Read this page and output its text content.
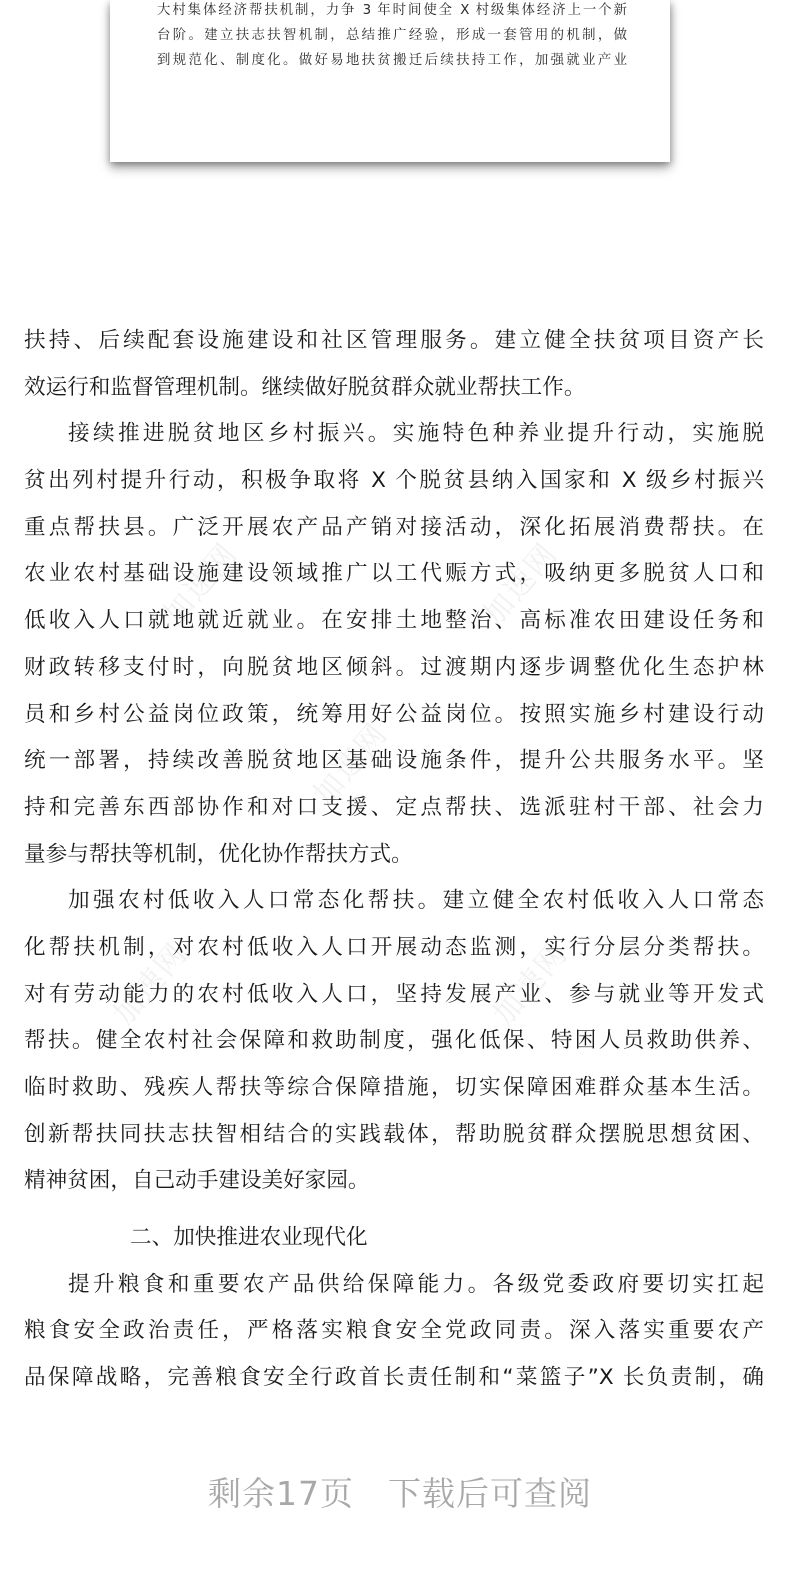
大村集体经济帮扶机制，力争 3 年时间使全 X 村级集体经济上一个新
台阶。建立扶志扶智机制，总结推广经验，形成一套管用的机制，做
到规范化、制度化。做好易地扶贫搬迁后续扶持工作，加强就业产业
加速网	加速网
加速网
加速网	加速网
扶持、后续配套设施建设和社区管理服务。建立健全扶贫项目资产长
效运行和监督管理机制。继续做好脱贫群众就业帮扶工作。
接续推进脱贫地区乡村振兴。实施特色种养业提升行动，实施脱
贫出列村提升行动，积极争取将 X 个脱贫县纳入国家和 X 级乡村振兴
重点帮扶县。广泛开展农产品产销对接活动，深化拓展消费帮扶。在
农业农村基础设施建设领域推广以工代赈方式，吸纳更多脱贫人口和
低收入人口就地就近就业。在安排土地整治、高标准农田建设任务和
财政转移支付时，向脱贫地区倾斜。过渡期内逐步调整优化生态护林
员和乡村公益岗位政策，统筹用好公益岗位。按照实施乡村建设行动
统一部署，持续改善脱贫地区基础设施条件，提升公共服务水平。坚
持和完善东西部协作和对口支援、定点帮扶、选派驻村干部、社会力
量参与帮扶等机制，优化协作帮扶方式。
加强农村低收入人口常态化帮扶。建立健全农村低收入人口常态
化帮扶机制，对农村低收入人口开展动态监测，实行分层分类帮扶。
对有劳动能力的农村低收入人口，坚持发展产业、参与就业等开发式
帮扶。健全农村社会保障和救助制度，强化低保、特困人员救助供养、
临时救助、残疾人帮扶等综合保障措施，切实保障困难群众基本生活。
创新帮扶同扶志扶智相结合的实践载体，帮助脱贫群众摆脱思想贫困、
精神贫困，自己动手建设美好家园。
二、加快推进农业现代化
提升粮食和重要农产品供给保障能力。各级党委政府要切实扛起
粮食安全政治责任，严格落实粮食安全党政同责。深入落实重要农产
品保障战略，完善粮食安全行政首长责任制和“菜篮子”X 长负责制，确
剩余17页 下载后可查阅
